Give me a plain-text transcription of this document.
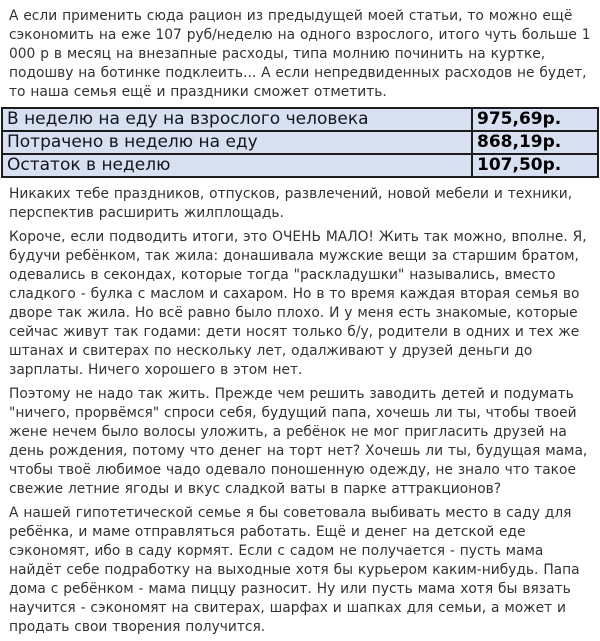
А если применить сюда рацион из предыдущей моей статьи, то можно ещё сэкономить на еже 107 руб/неделю на одного взрослого, итого чуть больше 1 000 р в месяц на внезапные расходы, типа молнию починить на куртке, подошву на ботинке подклеить... А если непредвиденных расходов не будет, то наша семья ещё и праздники сможет отметить.

В неделю на еду на взрослого человека	975,69р.
Потрачено в неделю на еду	868,19р.
Остаток в неделю	107,50р.

Никаких тебе праздников, отпусков, развлечений, новой мебели и техники, перспектив расширить жилплощадь.

Короче, если подводить итоги, это ОЧЕНЬ МАЛО! Жить так можно, вполне. Я, будучи ребёнком, так жила: донашивала мужские вещи за старшим братом, одевались в секондах, которые тогда "раскладушки" назывались, вместо сладкого - булка с маслом и сахаром. Но в то время каждая вторая семья во дворе так жила. Но всё равно было плохо. И у меня есть знакомые, которые сейчас живут так годами: дети носят только б/у, родители в одних и тех же штанах и свитерах по нескольку лет, одалживают у друзей деньги до зарплаты. Ничего хорошего в этом нет.

Поэтому не надо так жить. Прежде чем решить заводить детей и подумать "ничего, прорвёмся" спроси себя, будущий папа, хочешь ли ты, чтобы твоей жене нечем было волосы уложить, а ребёнок не мог пригласить друзей на день рождения, потому что денег на торт нет? Хочешь ли ты, будущая мама, чтобы твоё любимое чадо одевало поношенную одежду, не знало что такое свежие летние ягоды и вкус сладкой ваты в парке аттракционов?

А нашей гипотетической семье я бы советовала выбивать место в саду для ребёнка, и маме отправляться работать. Ещё и денег на детской еде сэкономят, ибо в саду кормят. Если с садом не получается - пусть мама найдёт себе подработку на выходные хотя бы курьером каким-нибудь. Папа дома с ребёнком - мама пиццу разносит. Ну или пусть мама хотя бы вязать научится - сэкономят на свитерах, шарфах и шапках для семьи, а может и продать свои творения получится.
